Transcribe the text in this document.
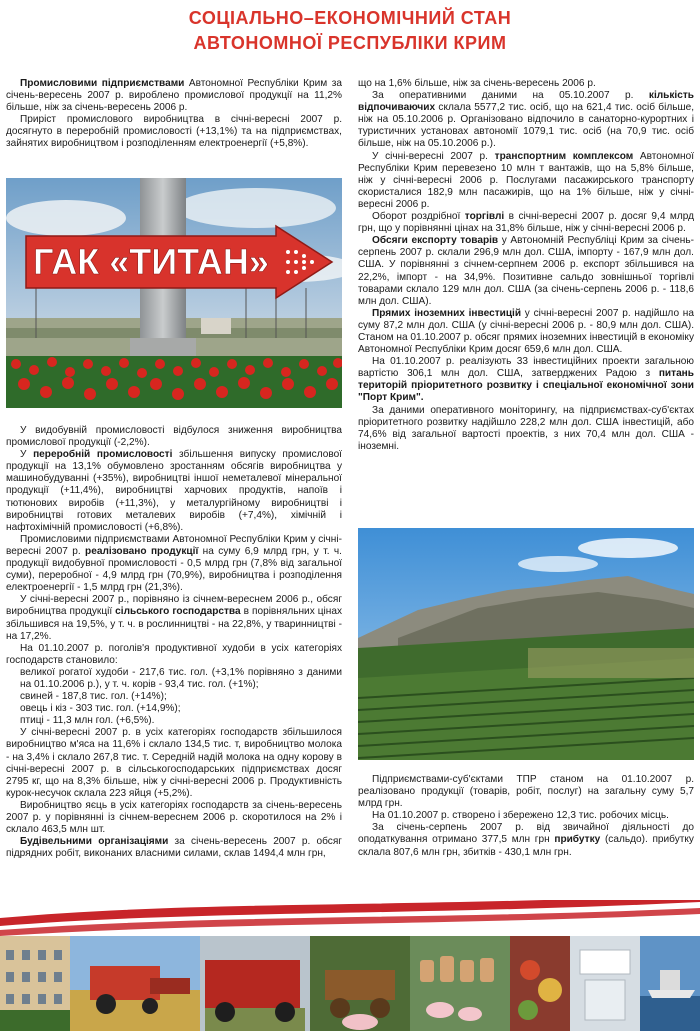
СОЦІАЛЬНО–ЕКОНОМІЧНИЙ СТАН
АВТОНОМНОЇ РЕСПУБЛІКИ КРИМ

Промисловими підприємствами Автономної Республіки Крим за січень-вересень 2007 р. вироблено промислової продукції на 11,2% більше, ніж за січень-вересень 2006 р.

Приріст промислового виробництва в січні-вересні 2007 р. досягнуто в переробній промисловості (+13,1%) та на підприємствах, зайнятих виробництвом і розподіленням електроенергії (+5,8%).

ГАК «ТИТАН»

У видобувній промисловості відбулося зниження виробництва промислової продукції (-2,2%).

У переробній промисловості збільшення випуску промислової продукції на 13,1% обумовлено зростанням обсягів виробництва у машинобудуванні (+35%), виробництві іншої неметалевої мінеральної продукції (+11,4%), виробництві харчових продуктів, напоїв і тютюнових виробів (+11,3%), у металургійному виробництві і виробництві готових металевих виробів (+7,4%), хімічній і нафтохімічній промисловості (+6,8%).

Промисловими підприємствами Автономної Республіки Крим у січні-вересні 2007 р. реалізовано продукції на суму 6,9 млрд грн, у т. ч. продукції видобувної промисловості - 0,5 млрд грн (7,8% від загальної суми), переробної - 4,9 млрд грн (70,9%), виробництва і розподілення електроенергії - 1,5 млрд грн (21,3%).

У січні-вересні 2007 р., порівняно із січнем-вереснем 2006 р., обсяг виробництва продукції сільського господарства в порівняльних цінах збільшився на 19,5%, у т. ч. в рослинництві - на 22,8%, у тваринництві - на 17,2%.

На 01.10.2007 р. поголів'я продуктивної худоби в усіх категоріях господарств становило:

великої рогатої худоби - 217,6 тис. гол. (+3,1% порівняно з даними на 01.10.2006 р.), у т. ч. корів - 93,4 тис. гол. (+1%);

свиней - 187,8 тис. гол. (+14%);

овець і кіз - 303 тис. гол. (+14,9%);

птиці - 11,3 млн гол. (+6,5%).

У січні-вересні 2007 р. в усіх категоріях господарств збільшилося виробництво м'яса на 11,6% і склало 134,5 тис. т, виробництво молока - на 3,4% і склало 267,8 тис. т. Середній надій молока на одну корову в січні-вересні 2007 р. в сільськогосподарських підприємствах досяг 2795 кг, що на 8,3% більше, ніж у січні-вересні 2006 р. Продуктивність курок-несучок склала 223 яйця (+5,2%).

Виробництво яєць в усіх категоріях господарств за січень-вересень 2007 р. у порівнянні із січнем-вереснем 2006 р. скоротилося на 2% і склало 463,5 млн шт.

Будівельними організаціями за січень-вересень 2007 р. обсяг підрядних робіт, виконаних власними силами, склав 1494,4 млн грн,

що на 1,6% більше, ніж за січень-вересень 2006 р.

За оперативними даними на 05.10.2007 р. кількість відпочиваючих склала 5577,2 тис. осіб, що на 621,4 тис. осіб більше, ніж на 05.10.2006 р. Організовано відпочило в санаторно-курортних і туристичних установах автономії 1079,1 тис. осіб (на 70,9 тис. осіб більше, ніж на 05.10.2006 р.).

У січні-вересні 2007 р. транспортним комплексом Автономної Республіки Крим перевезено 10 млн т вантажів, що на 5,8% більше, ніж у січні-вересні 2006 р. Послугами пасажирського транспорту скористалися 182,9 млн пасажирів, що на 1% більше, ніж у січні-вересні 2006 р.

Оборот роздрібної торгівлі в січні-вересні 2007 р. досяг 9,4 млрд грн, що у порівнянні цінах на 31,8% більше, ніж у січні-вересні 2006 р.

Обсяги експорту товарів у Автономній Республіці Крим за січень-серпень 2007 р. склали 296,9 млн дол. США, імпорту - 167,9 млн дол. США. У порівнянні з січнем-серпнем 2006 р. експорт збільшився на 22,2%, імпорт - на 34,9%. Позитивне сальдо зовнішньої торгівлі товарами склало 129 млн дол. США (за січень-серпень 2006 р. - 118,6 млн дол. США).

Прямих іноземних інвестицій у січні-вересні 2007 р. надійшло на суму 87,2 млн дол. США (у січні-вересні 2006 р. - 80,9 млн дол. США). Станом на 01.10.2007 р. обсяг прямих іноземних інвестицій в економіку Автономної Республіки Крим досяг 659,6 млн дол. США.

На 01.10.2007 р. реалізують 33 інвестиційних проекти загальною вартістю 306,1 млн дол. США, затверджених Радою з питань територій пріоритетного розвитку і спеціальної економічної зони "Порт Крим".

За даними оперативного моніторингу, на підприємствах-суб'єктах пріоритетного розвитку надійшло 228,2 млн дол. США інвестицій, або 74,6% від загальної вартості проектів, з них 70,4 млн дол. США - іноземні.

Підприємствами-суб'єктами ТПР станом на 01.10.2007 р. реалізовано продукції (товарів, робіт, послуг) на загальну суму 5,7 млрд грн.

На 01.10.2007 р. створено і збережено 12,3 тис. робочих місць.

За січень-серпень 2007 р. від звичайної діяльності до оподаткування отримано 377,5 млн грн прибутку (сальдо). прибутку склала 807,6 млн грн, збитків - 430,1 млн грн.
